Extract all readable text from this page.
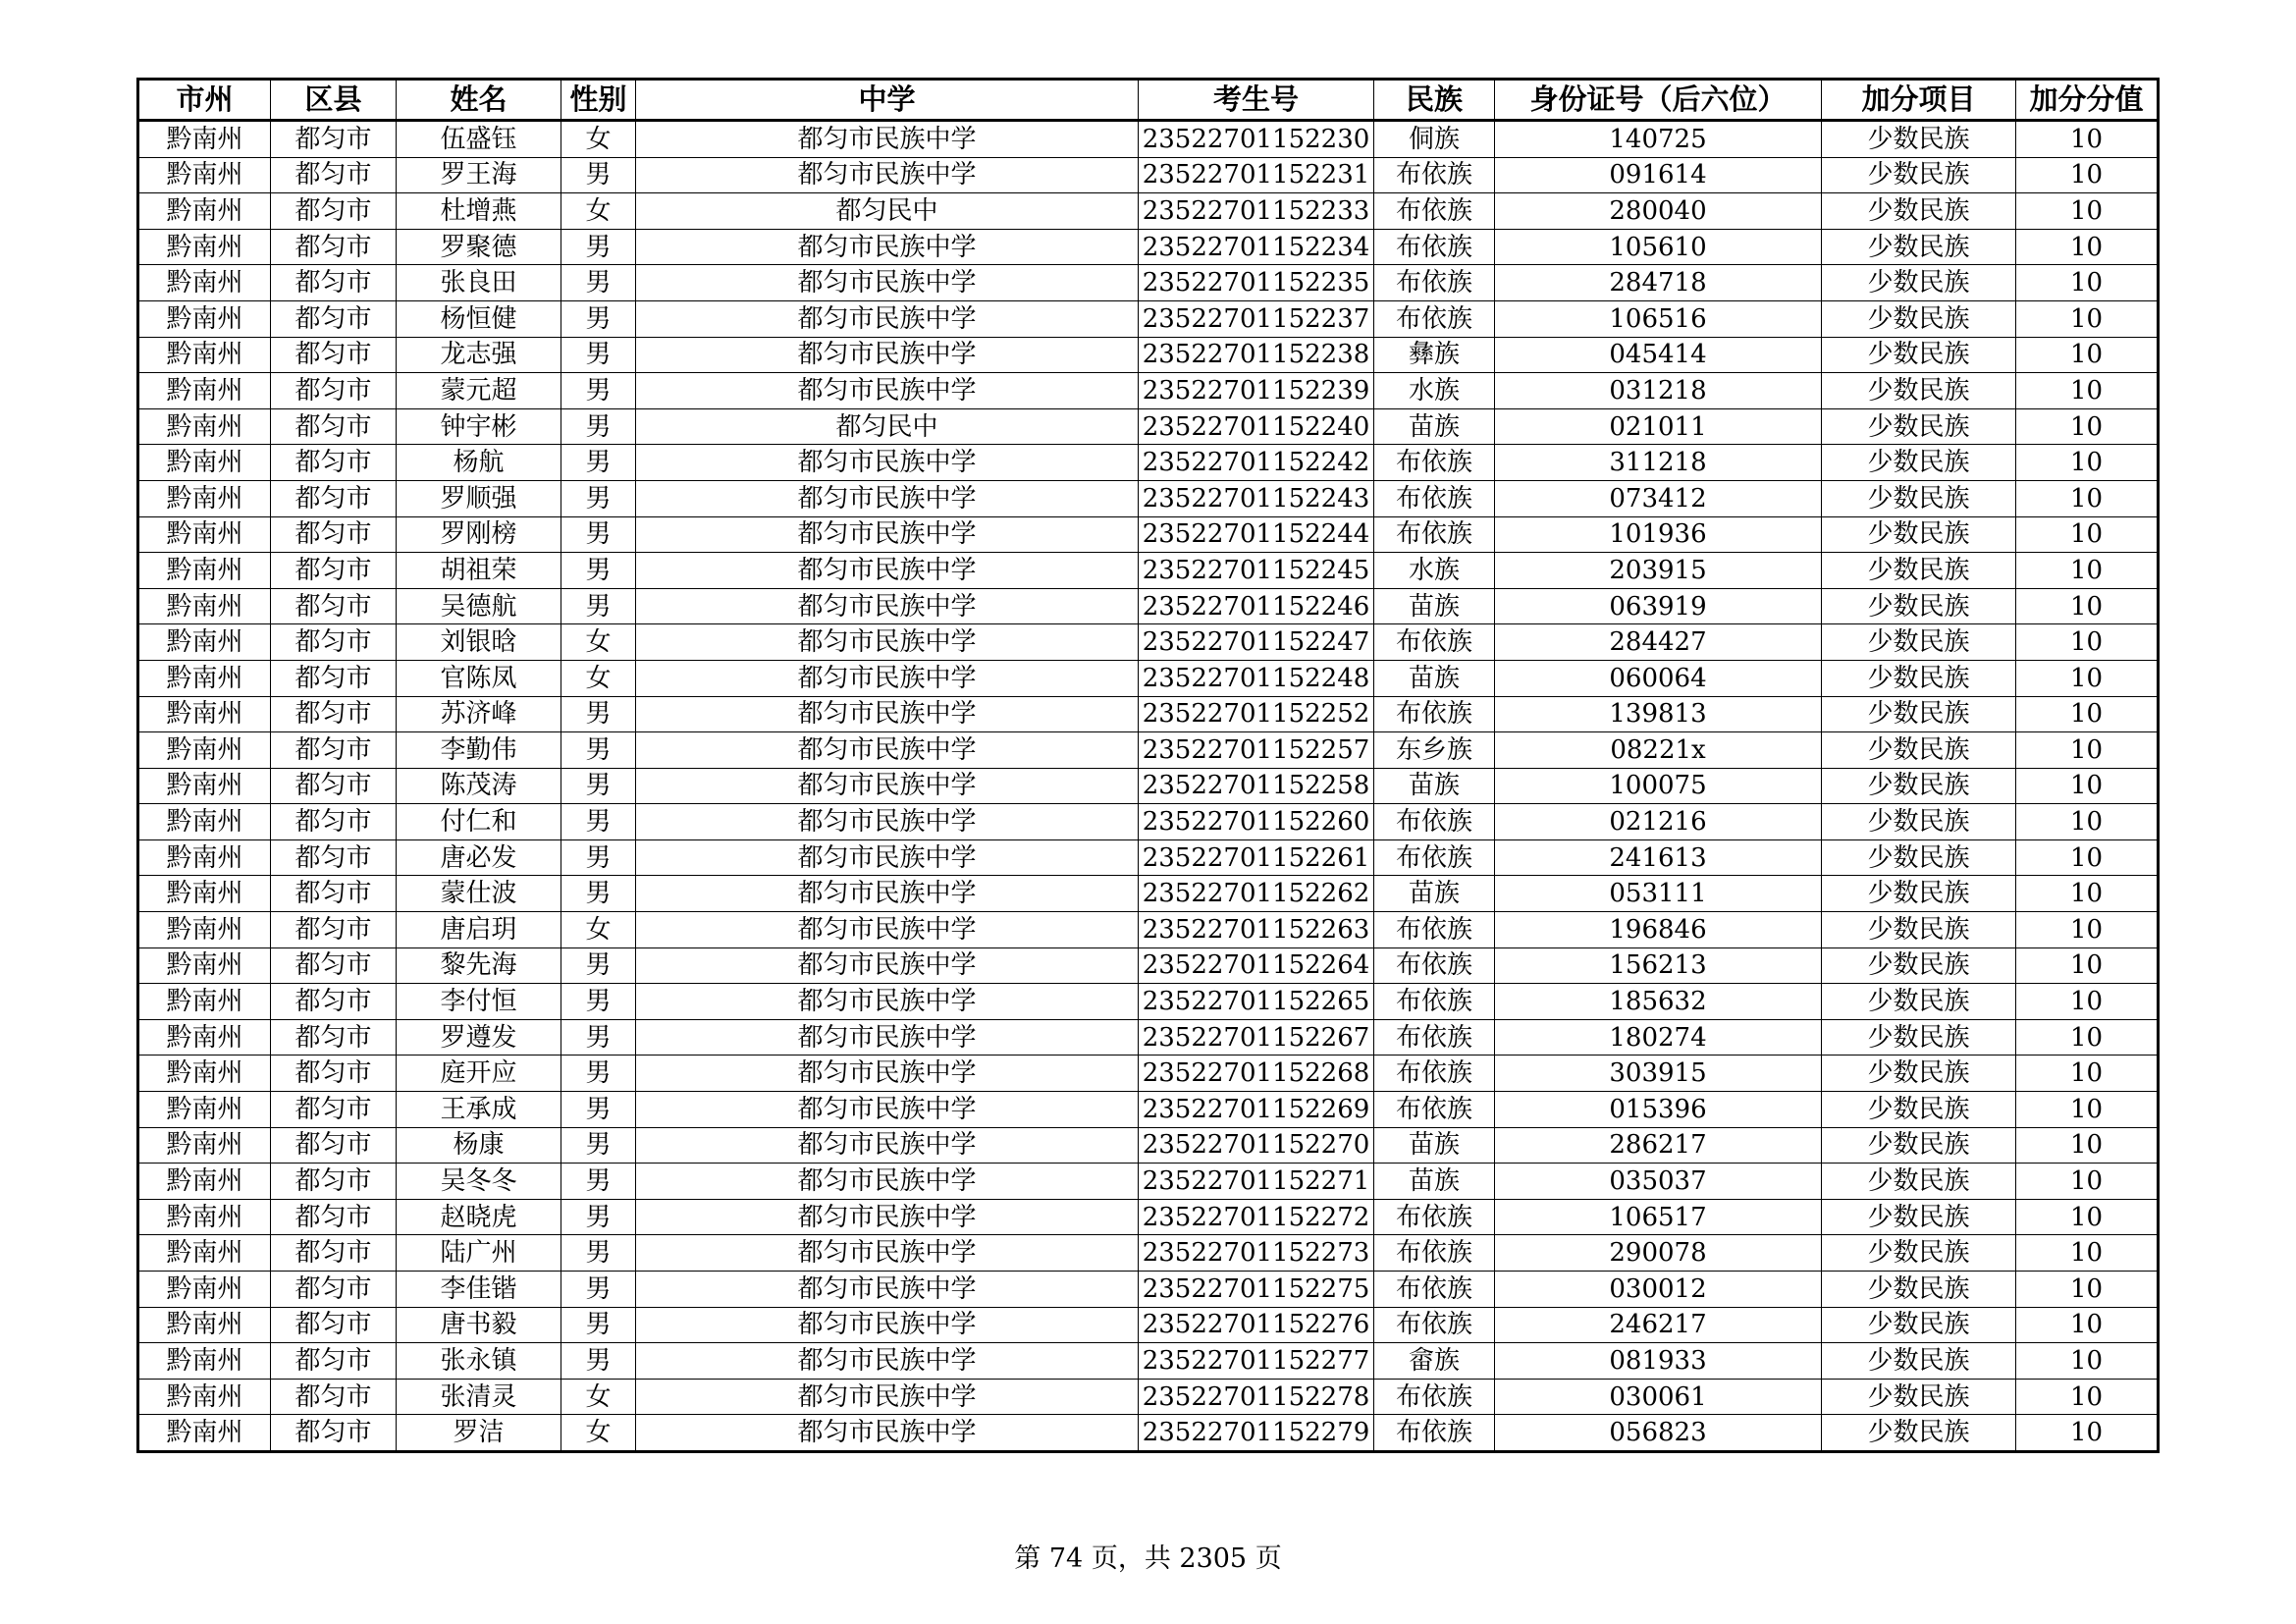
市州	区县	姓名	性别	中学	考生号	民族	身份证号（后六位）	加分项目	加分分值
黔南州	都匀市	伍盛钰	女	都匀市民族中学	23522701152230	侗族	140725	少数民族	10
黔南州	都匀市	罗王海	男	都匀市民族中学	23522701152231	布依族	091614	少数民族	10
黔南州	都匀市	杜增燕	女	都匀民中	23522701152233	布依族	280040	少数民族	10
黔南州	都匀市	罗聚德	男	都匀市民族中学	23522701152234	布依族	105610	少数民族	10
黔南州	都匀市	张良田	男	都匀市民族中学	23522701152235	布依族	284718	少数民族	10
黔南州	都匀市	杨恒健	男	都匀市民族中学	23522701152237	布依族	106516	少数民族	10
黔南州	都匀市	龙志强	男	都匀市民族中学	23522701152238	彝族	045414	少数民族	10
黔南州	都匀市	蒙元超	男	都匀市民族中学	23522701152239	水族	031218	少数民族	10
黔南州	都匀市	钟宇彬	男	都匀民中	23522701152240	苗族	021011	少数民族	10
黔南州	都匀市	杨航	男	都匀市民族中学	23522701152242	布依族	311218	少数民族	10
黔南州	都匀市	罗顺强	男	都匀市民族中学	23522701152243	布依族	073412	少数民族	10
黔南州	都匀市	罗刚榜	男	都匀市民族中学	23522701152244	布依族	101936	少数民族	10
黔南州	都匀市	胡祖荣	男	都匀市民族中学	23522701152245	水族	203915	少数民族	10
黔南州	都匀市	吴德航	男	都匀市民族中学	23522701152246	苗族	063919	少数民族	10
黔南州	都匀市	刘银晗	女	都匀市民族中学	23522701152247	布依族	284427	少数民族	10
黔南州	都匀市	官陈凤	女	都匀市民族中学	23522701152248	苗族	060064	少数民族	10
黔南州	都匀市	苏济峰	男	都匀市民族中学	23522701152252	布依族	139813	少数民族	10
黔南州	都匀市	李勤伟	男	都匀市民族中学	23522701152257	东乡族	08221x	少数民族	10
黔南州	都匀市	陈茂涛	男	都匀市民族中学	23522701152258	苗族	100075	少数民族	10
黔南州	都匀市	付仁和	男	都匀市民族中学	23522701152260	布依族	021216	少数民族	10
黔南州	都匀市	唐必发	男	都匀市民族中学	23522701152261	布依族	241613	少数民族	10
黔南州	都匀市	蒙仕波	男	都匀市民族中学	23522701152262	苗族	053111	少数民族	10
黔南州	都匀市	唐启玥	女	都匀市民族中学	23522701152263	布依族	196846	少数民族	10
黔南州	都匀市	黎先海	男	都匀市民族中学	23522701152264	布依族	156213	少数民族	10
黔南州	都匀市	李付恒	男	都匀市民族中学	23522701152265	布依族	185632	少数民族	10
黔南州	都匀市	罗遵发	男	都匀市民族中学	23522701152267	布依族	180274	少数民族	10
黔南州	都匀市	庭开应	男	都匀市民族中学	23522701152268	布依族	303915	少数民族	10
黔南州	都匀市	王承成	男	都匀市民族中学	23522701152269	布依族	015396	少数民族	10
黔南州	都匀市	杨康	男	都匀市民族中学	23522701152270	苗族	286217	少数民族	10
黔南州	都匀市	吴冬冬	男	都匀市民族中学	23522701152271	苗族	035037	少数民族	10
黔南州	都匀市	赵晓虎	男	都匀市民族中学	23522701152272	布依族	106517	少数民族	10
黔南州	都匀市	陆广州	男	都匀市民族中学	23522701152273	布依族	290078	少数民族	10
黔南州	都匀市	李佳锴	男	都匀市民族中学	23522701152275	布依族	030012	少数民族	10
黔南州	都匀市	唐书毅	男	都匀市民族中学	23522701152276	布依族	246217	少数民族	10
黔南州	都匀市	张永镇	男	都匀市民族中学	23522701152277	畲族	081933	少数民族	10
黔南州	都匀市	张清灵	女	都匀市民族中学	23522701152278	布依族	030061	少数民族	10
黔南州	都匀市	罗洁	女	都匀市民族中学	23522701152279	布依族	056823	少数民族	10
第 74 页，共 2305 页
